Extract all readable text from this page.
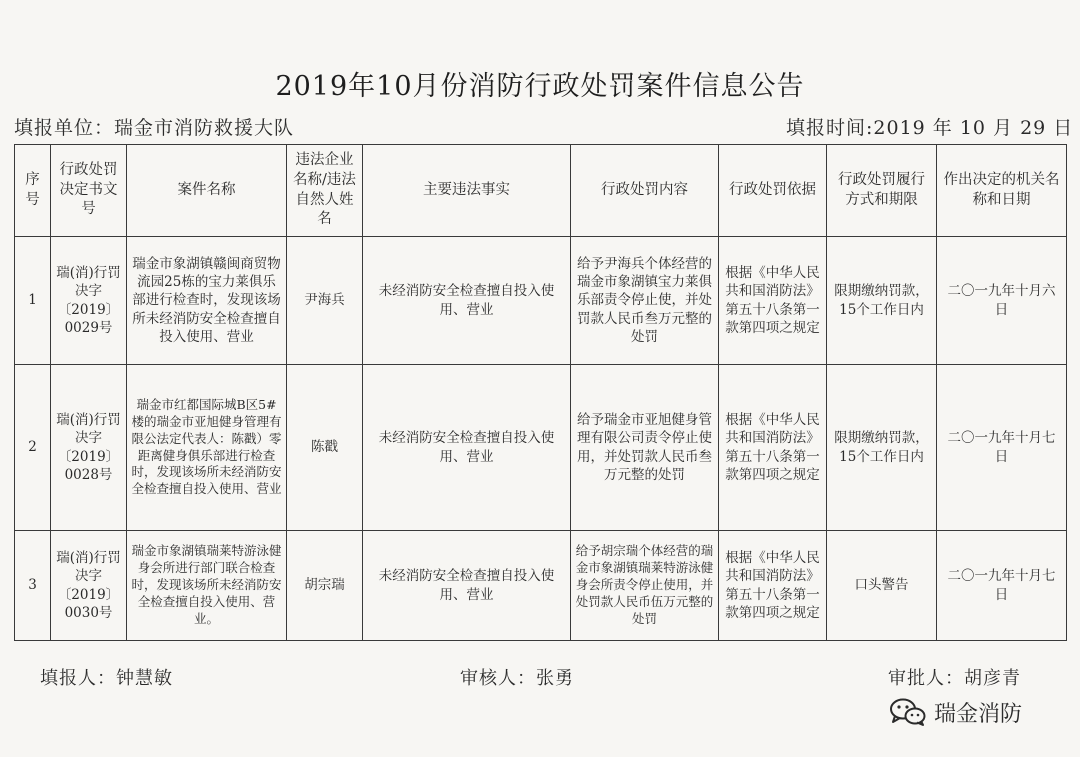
2019年10月份消防行政处罚案件信息公告
填报单位：瑞金市消防救援大队	填报时间:2019 年 10 月 29 日
序号	行政处罚决定书文号	案件名称	违法企业名称/违法自然人姓名	主要违法事实	行政处罚内容	行政处罚依据	行政处罚履行方式和期限	作出决定的机关名称和日期
1	瑞(消)行罚决字〔2019〕0029号	瑞金市象湖镇赣闽商贸物流园25栋的宝力莱俱乐部进行检查时，发现该场所未经消防安全检查擅自投入使用、营业	尹海兵	未经消防安全检查擅自投入使用、营业	给予尹海兵个体经营的瑞金市象湖镇宝力莱俱乐部责令停止使，并处罚款人民币叁万元整的处罚	根据《中华人民共和国消防法》第五十八条第一款第四项之规定	限期缴纳罚款，15个工作日内	二〇一九年十月六日
2	瑞(消)行罚决字〔2019〕0028号	瑞金市红都国际城B区5#楼的瑞金市亚旭健身管理有限公法定代表人：陈戳）零距离健身俱乐部进行检查时，发现该场所未经消防安全检查擅自投入使用、营业	陈戳	未经消防安全检查擅自投入使用、营业	给予瑞金市亚旭健身管理有限公司责令停止使用，并处罚款人民币叁万元整的处罚	根据《中华人民共和国消防法》第五十八条第一款第四项之规定	限期缴纳罚款，15个工作日内	二〇一九年十月七日
3	瑞(消)行罚决字〔2019〕0030号	瑞金市象湖镇瑞莱特游泳健身会所进行部门联合检查时，发现该场所未经消防安全检查擅自投入使用、营业。	胡宗瑞	未经消防安全检查擅自投入使用、营业	给予胡宗瑞个体经营的瑞金市象湖镇瑞莱特游泳健身会所责令停止使用，并处罚款人民币伍万元整的处罚	根据《中华人民共和国消防法》第五十八条第一款第四项之规定	口头警告	二〇一九年十月七日
填报人：钟慧敏	审核人：张勇	审批人：胡彦青
瑞金消防
